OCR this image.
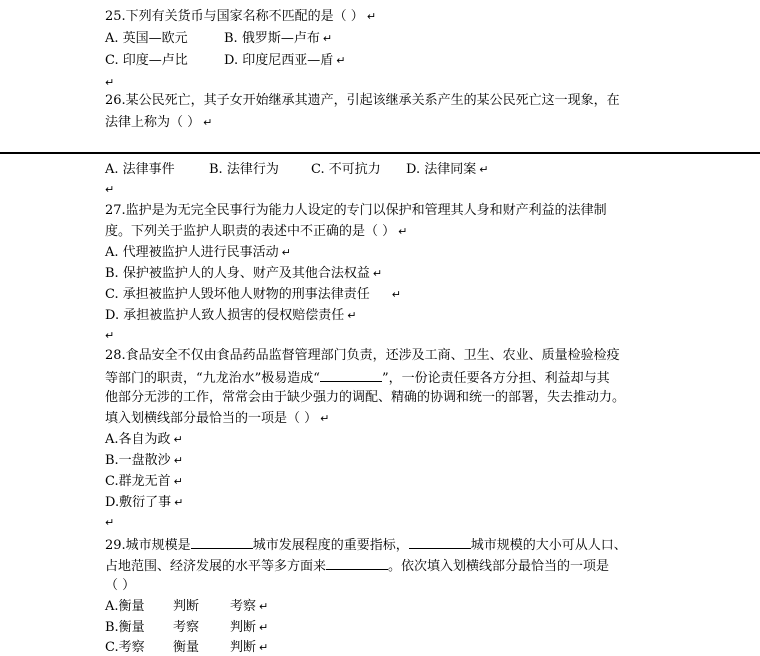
25.下列有关货币与国家名称不匹配的是（ ） ↵
A. 英国—欧元	B. 俄罗斯—卢布 ↵
C. 印度—卢比	D. 印度尼西亚—盾 ↵
↵
26.某公民死亡，其子女开始继承其遗产，引起该继承关系产生的某公民死亡这一现象，在
法律上称为（ ） ↵
A. 法律事件	B. 法律行为 C. 不可抗力 D. 法律同案 ↵
↵
27.监护是为无完全民事行为能力人设定的专门以保护和管理其人身和财产利益的法律制
度。下列关于监护人职责的表述中不正确的是（ ） ↵
A. 代理被监护人进行民事活动 ↵
B. 保护被监护人的人身、财产及其他合法权益 ↵
C. 承担被监护人毁坏他人财物的刑事法律责任 ↵
D. 承担被监护人致人损害的侵权赔偿责任 ↵
↵
28.食品安全不仅由食品药品监督管理部门负责，还涉及工商、卫生、农业、质量检验检疫
等部门的职责，“九龙治水”极易造成“	”，一份论责任要各方分担、利益却与其
他部分无涉的工作，常常会由于缺少强力的调配、精确的协调和统一的部署，失去推动力。
填入划横线部分最恰当的一项是（ ） ↵
A.各自为政 ↵
B.一盘散沙 ↵
C.群龙无首 ↵
D.敷衍了事 ↵
↵
29.城市规模是	城市发展程度的重要指标，	城市规模的大小可从人口、
占地范围、经济发展的水平等多方面来	。依次填入划横线部分最恰当的一项是
（ ）
A.衡量 判断 考察 ↵
B.衡量 考察 判断 ↵
C.考察 衡量 判断 ↵
